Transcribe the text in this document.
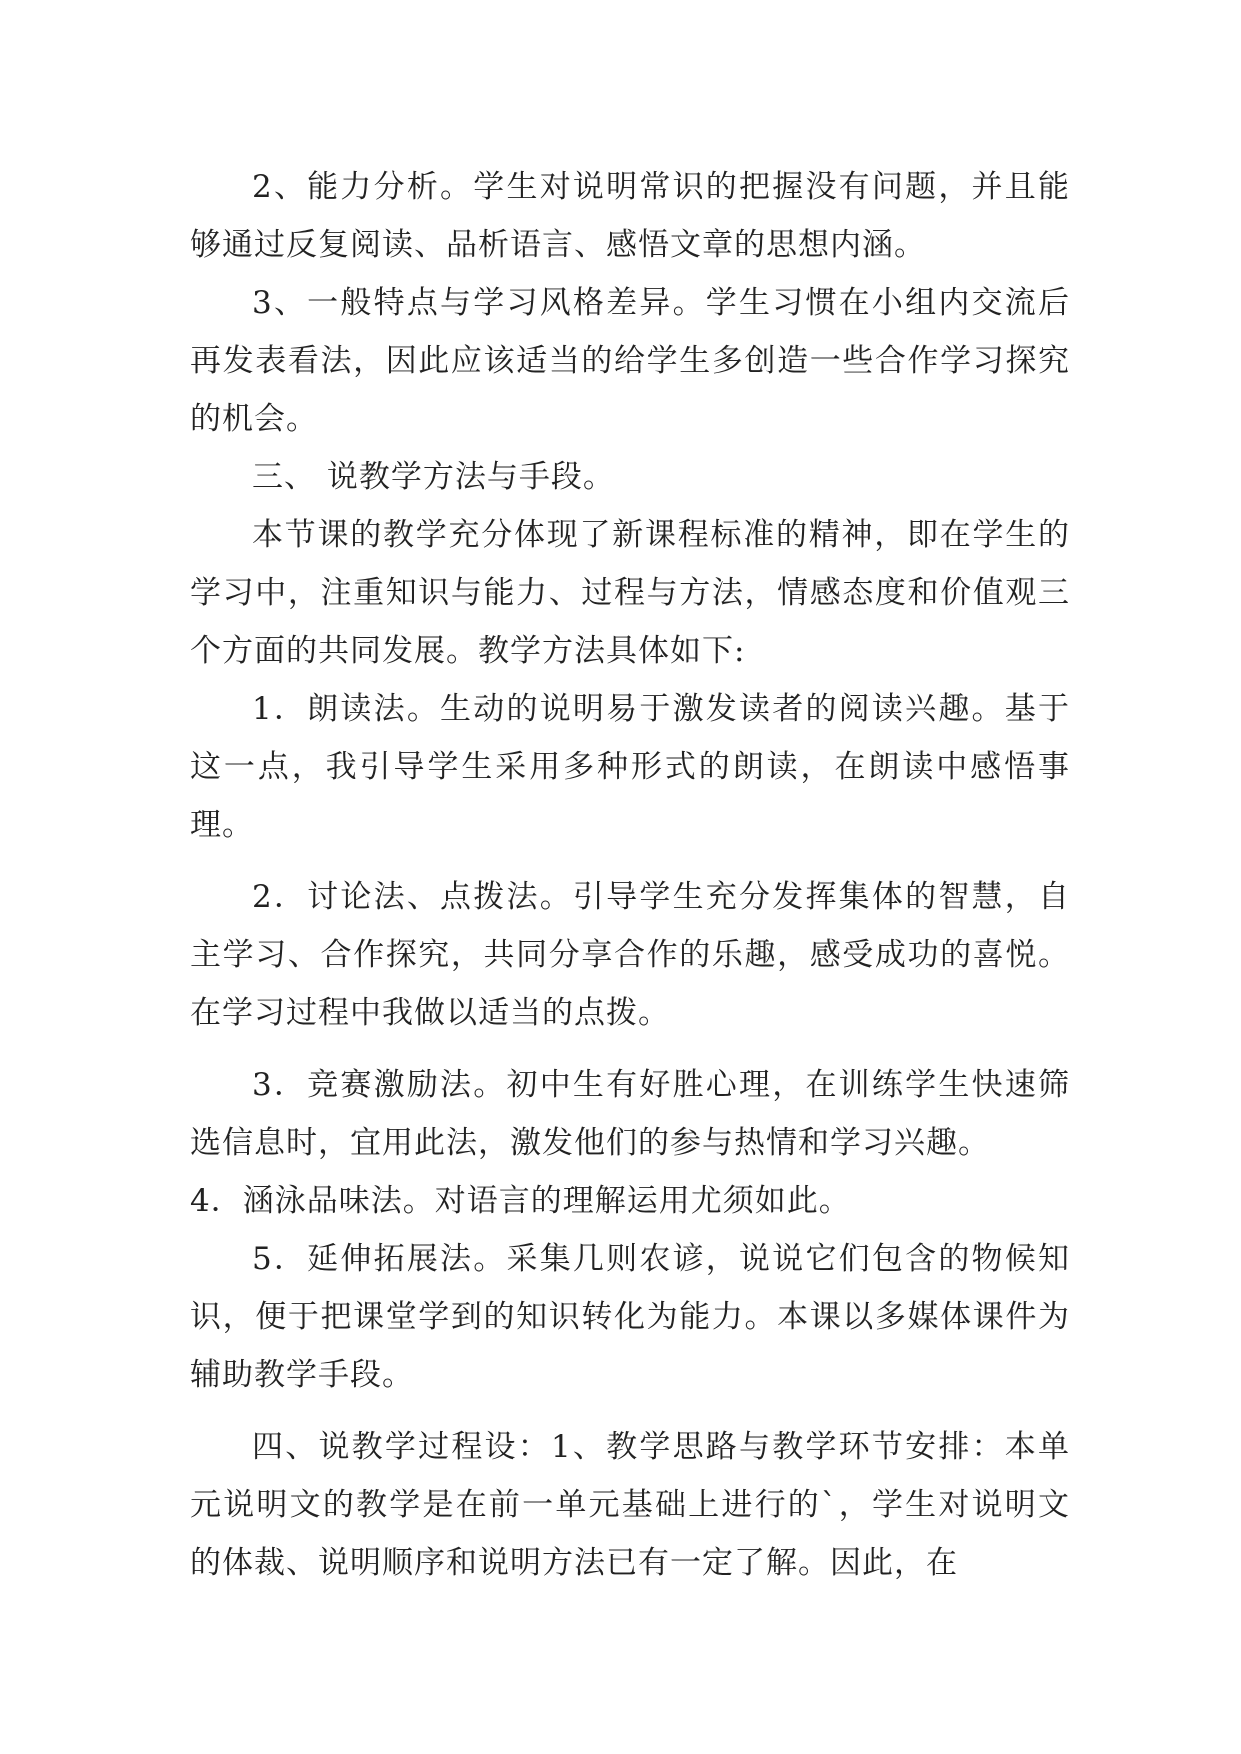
2、能力分析。学生对说明常识的把握没有问题，并且能够通过反复阅读、品析语言、感悟文章的思想内涵。

3、一般特点与学习风格差异。学生习惯在小组内交流后再发表看法，因此应该适当的给学生多创造一些合作学习探究的机会。

三、 说教学方法与手段。

本节课的教学充分体现了新课程标准的精神，即在学生的学习中，注重知识与能力、过程与方法，情感态度和价值观三个方面的共同发展。教学方法具体如下:

1．朗读法。生动的说明易于激发读者的阅读兴趣。基于这一点，我引导学生采用多种形式的朗读，在朗读中感悟事理。

2．讨论法、点拨法。引导学生充分发挥集体的智慧，自主学习、合作探究，共同分享合作的乐趣，感受成功的喜悦。在学习过程中我做以适当的点拨。

3．竞赛激励法。初中生有好胜心理，在训练学生快速筛选信息时，宜用此法，激发他们的参与热情和学习兴趣。

4．涵泳品味法。对语言的理解运用尤须如此。

5．延伸拓展法。采集几则农谚，说说它们包含的物候知识，便于把课堂学到的知识转化为能力。本课以多媒体课件为辅助教学手段。

四、说教学过程设：1、教学思路与教学环节安排：本单元说明文的教学是在前一单元基础上进行的`，学生对说明文的体裁、说明顺序和说明方法已有一定了解。因此，在
